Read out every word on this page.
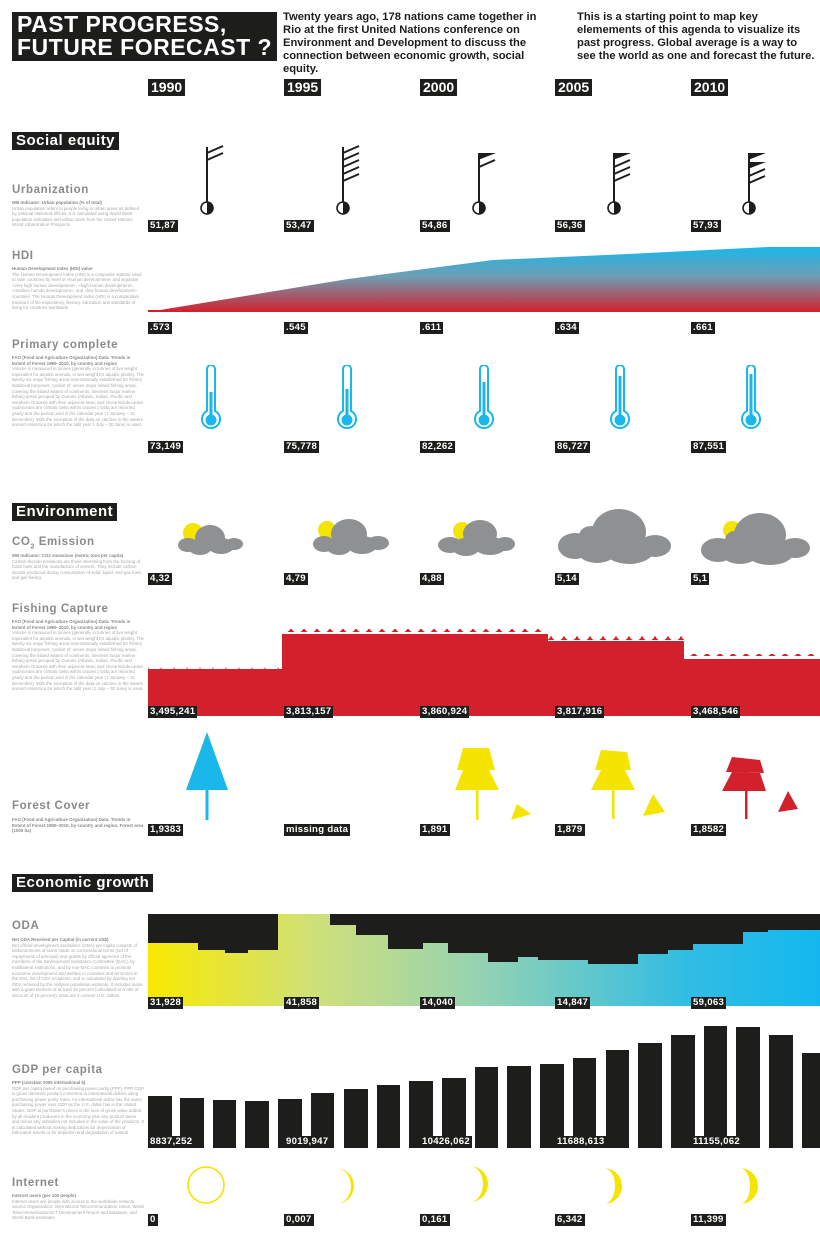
PAST PROGRESS,
FUTURE FORECAST ?
Twenty years ago, 178 nations came together in Rio at the first United Nations conference on Environment and Development to discuss the connection between economic growth, social equity.
This is a starting point to map key elemements of this agenda to visualize its past progress. Global average is a way to see the world as one and forecast the future.
1990	1995	2000	2005	2010
Social equity
Urbanization
WB Indicator: Urban population (% of total)
Urban population refers to people living in urban areas as defined by national statistical offices. It is calculated using World Bank population estimates and urban ratios from the United Nations World Urbanization Prospects.	51,87	53,47	54,86	56,36	57,93
HDI
Human Development Index (HDI) value
The Human Development Index (HDI) is a composite statistic used to rank countries by level of «human development» and separate «very high human development», «high human development», «medium human development», and «low human development» countries. The Human Development Index (HDI) is a comparative measure of life expectancy, literacy, education and standards of living for countries worldwide.
.573	.545	.611	.634	.661
Primary complete
FAO (Food and Agriculture Organization) Data: Trends in Extent of Forest 1990–2010, by country and region
Volume is measured in tonnes (generally in tonnes of live weight equivalent for aquatic animals, in wet weight for aquatic plants). The twenty-six major fishing areas internationally established for fishery statistical purposes, consist of: seven major inland fishing areas, covering the inland waters of continents; nineteen major marine fishing areas grouped by Oceans (Atlantic, Indian, Pacific and Southern Oceans) with their adjacent seas; and Oceans/suboceans (suboceans are climatic belts within oceans.) Data are reported yearly and the period used is the calendar year (1 January – 31 December). With the exception of the data on catches in the waters around Antarctica for which the split year 1 July – 30 June) is used.
73,149	75,778	82,262	86,727	87,551
Environment
$CO_2$ Emission
WB Indicator: CO2 emissions (metric tons per capita)
Carbon dioxide emissions are those stemming from the burning of fossil fuels and the manufacture of cement. They include carbon dioxide produced during consumption of solid, liquid, and gas fuels and gas flaring.	4,32	4,79	4,88	5,14	5,1
Fishing Capture
FAO (Food and Agriculture Organization) Data: Trends in Extent of Forest 1990–2010, by country and region
Volume is measured in tonnes (generally in tonnes of live weight equivalent for aquatic animals, in wet weight for aquatic plants). The twenty-six major fishing areas internationally established for fishery statistical purposes, consist of: seven major inland fishing areas, covering the inland waters of continents; nineteen major marine fishing areas grouped by Oceans (Atlantic, Indian, Pacific and Southern Oceans) with their adjacent seas; and Oceans/suboceans (suboceans are climatic belts within oceans.) Data are reported yearly and the period used is the calendar year (1 January – 31 December). With the exception of the data on catches in the waters around Antarctica for which the split year (1 July – 30 June) is used.
3,495,241	3,813,157	3,860,924	3,817,916	3,468,546
Forest Cover
FAO (Food and Agriculture Organization) Data: Trends in Extent of Forest 1990–2010, by country and region. Forest area (1000 ha)	1,9383	missing data	1,891	1,879	1,8582
Economic growth
ODA
Net ODA Received per Capital (in current US$)
Net official development assistance (ODA) per capita consists of disbursements of loans made on concessional terms (net of repayments of principal) and grants by official agencies of the members of the Development Assistance Committee (DAC), by multilateral institutions, and by non-DAC countries to promote economic development and welfare in countries and territories in the DAC list of ODA recipients; and is calculated by dividing net ODA received by the midyear population estimate. It includes loans with a grant element of at least 25 percent (calculated at a rate of discount of 10 percent). Data are in current U.S. dollars.
31,928	41,858	14,040	14,847	59,063
GDP per capita
PPP (constant 2005 international $)
GDP per capita based on purchasing power parity (PPP). PPP GDP is gross domestic product converted to international dollars using purchasing power parity rates. An international dollar has the same purchasing power over GDP as the U.S. dollar has in the United States. GDP at purchaser's prices is the sum of gross value added by all resident producers in the economy plus any product taxes and minus any subsidies not included in the value of the products. It is calculated without making deductions for depreciation of fabricated assets or for depletion and degradation of natural
8837,252	9019,947	10426,062	11688,613	11155,062
Internet
Internet users (per 100 people)
Internet users are people with access to the worldwide network. Source Organisation: International Telecommunication Union, World Telecommunication/ICT Development Report and database, and World Bank estimates.	0	0,007	0,161	6,342	11,399
